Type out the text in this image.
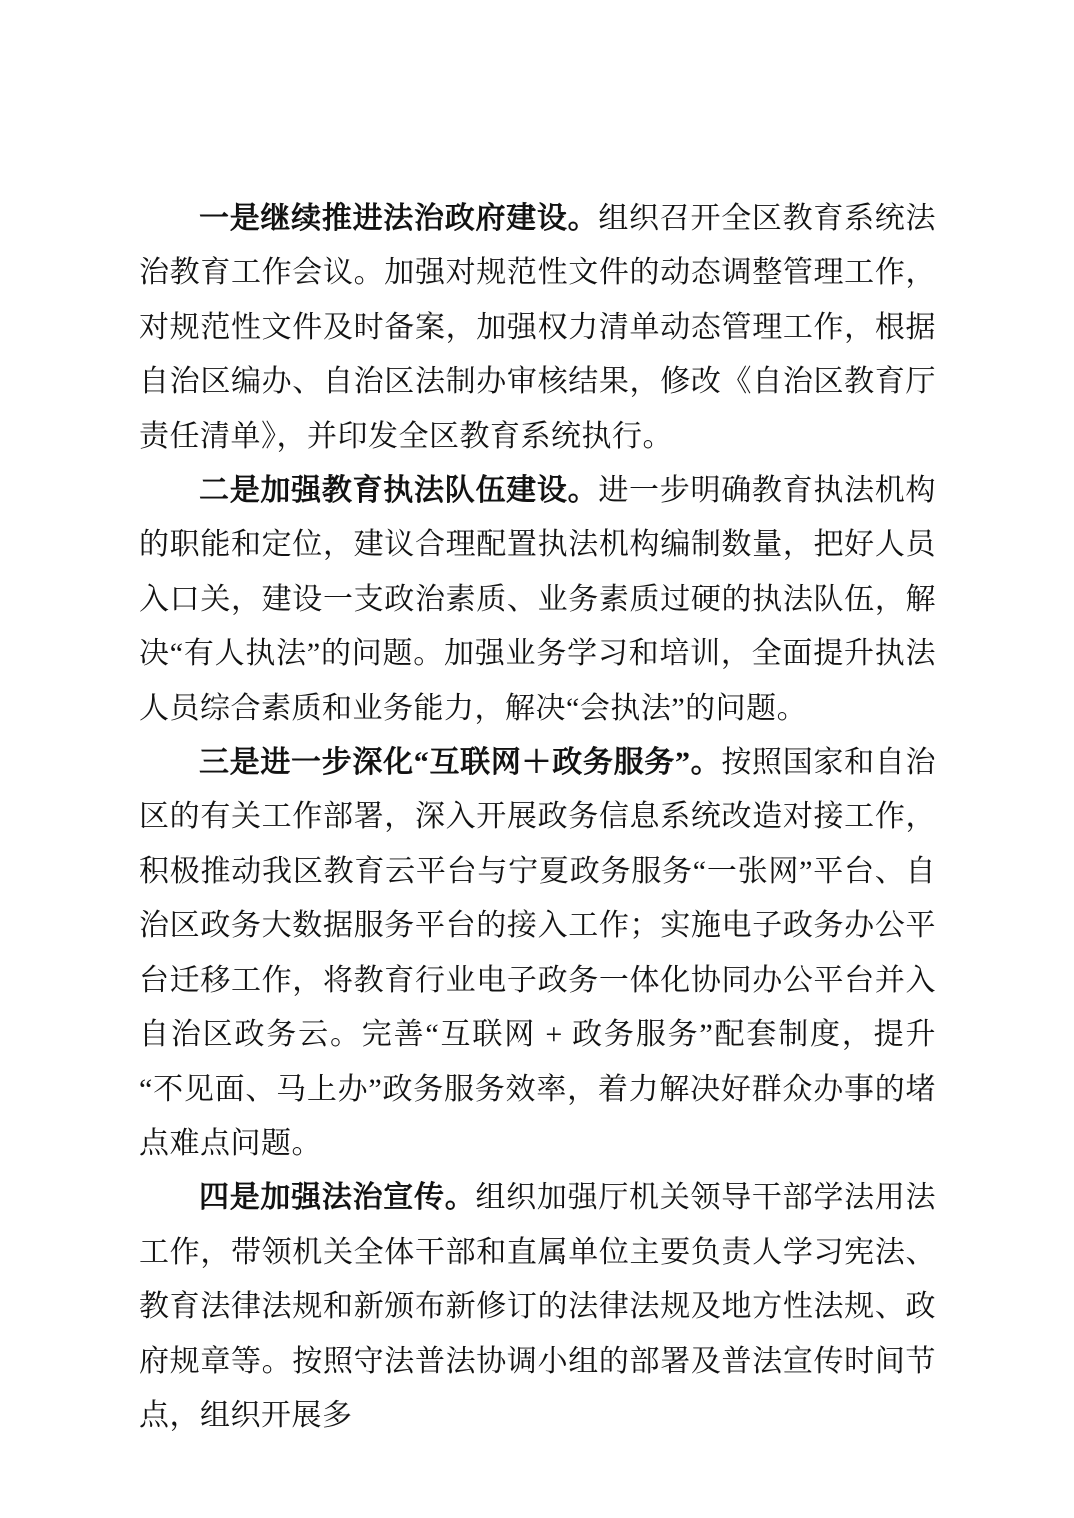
一是继续推进法治政府建设。组织召开全区教育系统法治教育工作会议。加强对规范性文件的动态调整管理工作，对规范性文件及时备案，加强权力清单动态管理工作，根据自治区编办、自治区法制办审核结果，修改《自治区教育厅责任清单》，并印发全区教育系统执行。

二是加强教育执法队伍建设。进一步明确教育执法机构的职能和定位，建议合理配置执法机构编制数量，把好人员入口关，建设一支政治素质、业务素质过硬的执法队伍，解决“有人执法”的问题。加强业务学习和培训，全面提升执法人员综合素质和业务能力，解决“会执法”的问题。

三是进一步深化“互联网＋政务服务”。按照国家和自治区的有关工作部署，深入开展政务信息系统改造对接工作，积极推动我区教育云平台与宁夏政务服务“一张网”平台、自治区政务大数据服务平台的接入工作；实施电子政务办公平台迁移工作，将教育行业电子政务一体化协同办公平台并入自治区政务云。完善“互联网 + 政务服务”配套制度，提升“不见面、马上办”政务服务效率，着力解决好群众办事的堵点难点问题。

四是加强法治宣传。组织加强厅机关领导干部学法用法工作，带领机关全体干部和直属单位主要负责人学习宪法、教育法律法规和新颁布新修订的法律法规及地方性法规、政府规章等。按照守法普法协调小组的部署及普法宣传时间节点，组织开展多
